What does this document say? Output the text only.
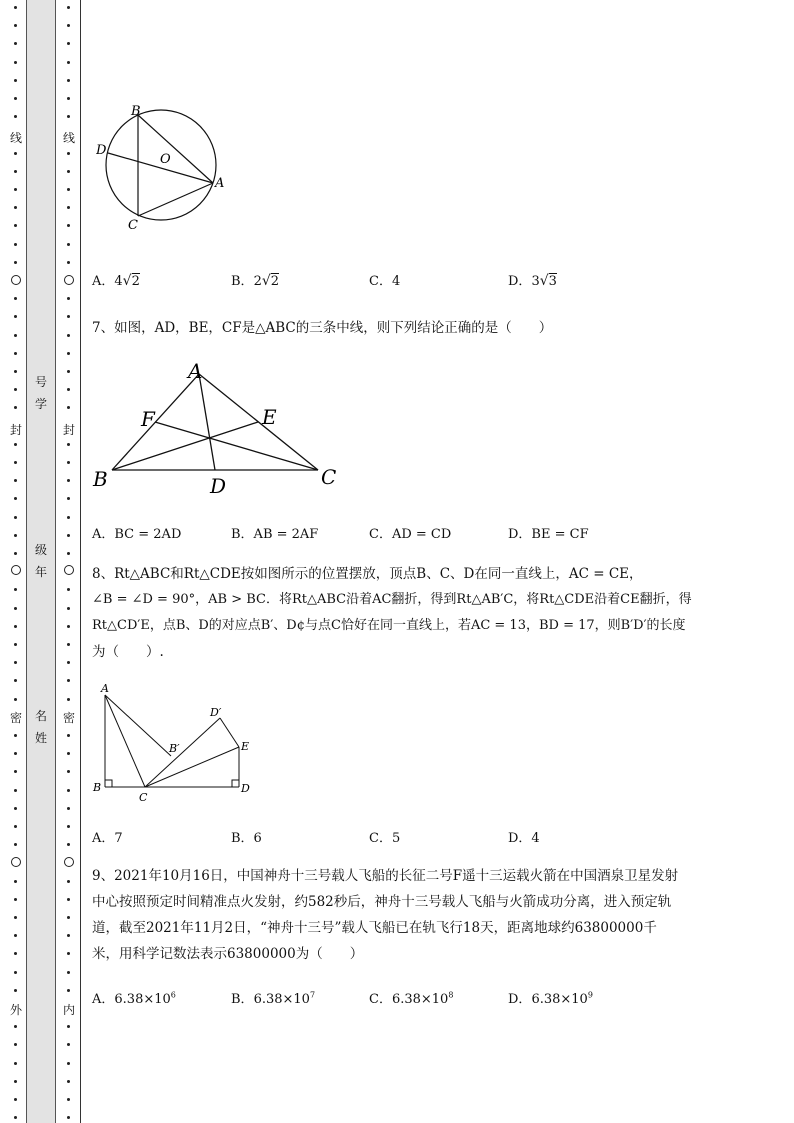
线
封
密
外
号
学
级
年
名
姓
线
封
密
内
B
D
O
A
C
A．4√2	B．2√2	C．4	D．3√3
7、如图，AD，BE，CF是△ABC的三条中线，则下列结论正确的是（　　）
A
F	E
B	D	C
A．BC = 2AD	B．AB = 2AF	C．AD = CD	D．BE = CF
8、Rt△ABC和Rt△CDE按如图所示的位置摆放，顶点B、C、D在同一直线上，AC = CE，
∠B = ∠D = 90°，AB > BC．将Rt△ABC沿着AC翻折，得到Rt△AB′C，将Rt△CDE沿着CE翻折，得
Rt△CD′E，点B、D的对应点B′、D¢与点C恰好在同一直线上，若AC = 13，BD = 17，则B′D′的长度
为（　　）.
A
D′
B′	E
B
C
D
A．7	B．6	C．5	D．4
9、2021年10月16日，中国神舟十三号载人飞船的长征二号F遥十三运载火箭在中国酒泉卫星发射
中心按照预定时间精准点火发射，约582秒后，神舟十三号载人飞船与火箭成功分离，进入预定轨
道，截至2021年11月2日，“神舟十三号”载人飞船已在轨飞行18天，距离地球约63800000千
米，用科学记数法表示63800000为（　　）
A．$6.38\times 10^6$	B．$6.38\times 10^7$	C．$6.38\times 10^8$	D．$6.38\times 10^9$
